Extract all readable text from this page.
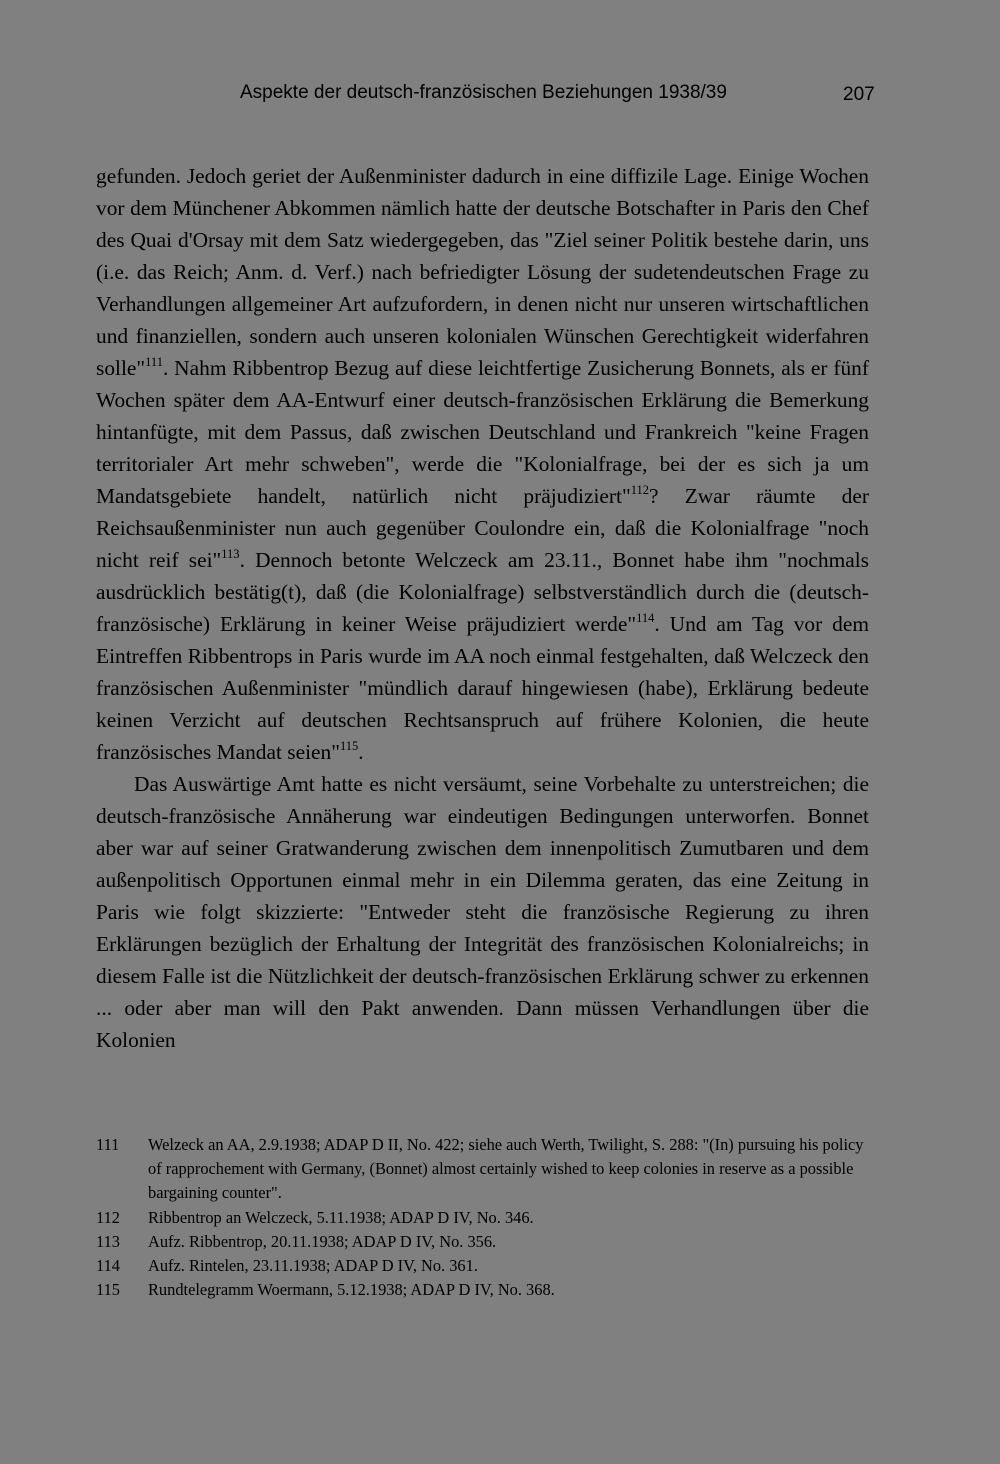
Aspekte der deutsch-französischen Beziehungen 1938/39	207

gefunden. Jedoch geriet der Außenminister dadurch in eine diffizile Lage. Einige Wochen vor dem Münchener Abkommen nämlich hatte der deutsche Botschafter in Paris den Chef des Quai d'Orsay mit dem Satz wiedergegeben, das "Ziel seiner Politik bestehe darin, uns (i.e. das Reich; Anm. d. Verf.) nach befriedigter Lösung der sudetendeutschen Frage zu Verhandlungen allgemeiner Art aufzufordern, in denen nicht nur unseren wirtschaftlichen und finanziellen, sondern auch unseren kolonialen Wünschen Gerechtigkeit widerfahren solle"$^{111}$. Nahm Ribbentrop Bezug auf diese leichtfertige Zusicherung Bonnets, als er fünf Wochen später dem AA-Entwurf einer deutsch-französischen Erklärung die Bemerkung hintanfügte, mit dem Passus, daß zwischen Deutschland und Frankreich "keine Fragen territorialer Art mehr schweben", werde die "Kolonialfrage, bei der es sich ja um Mandatsgebiete handelt, natürlich nicht präjudiziert"$^{112}$? Zwar räumte der Reichsaußenminister nun auch gegenüber Coulondre ein, daß die Kolonialfrage "noch nicht reif sei"$^{113}$. Dennoch betonte Welczeck am 23.11., Bonnet habe ihm "nochmals ausdrücklich bestätig(t), daß (die Kolonialfrage) selbstverständlich durch die (deutsch-französische) Erklärung in keiner Weise präjudiziert werde"$^{114}$. Und am Tag vor dem Eintreffen Ribbentrops in Paris wurde im AA noch einmal festgehalten, daß Welczeck den französischen Außenminister "mündlich darauf hingewiesen (habe), Erklärung bedeute keinen Verzicht auf deutschen Rechtsanspruch auf frühere Kolonien, die heute französisches Mandat seien"$^{115}$.

Das Auswärtige Amt hatte es nicht versäumt, seine Vorbehalte zu unterstreichen; die deutsch-französische Annäherung war eindeutigen Bedingungen unterworfen. Bonnet aber war auf seiner Gratwanderung zwischen dem innenpolitisch Zumutbaren und dem außenpolitisch Opportunen einmal mehr in ein Dilemma geraten, das eine Zeitung in Paris wie folgt skizzierte: "Entweder steht die französische Regierung zu ihren Erklärungen bezüglich der Erhaltung der Integrität des französischen Kolonialreichs; in diesem Falle ist die Nützlichkeit der deutsch-französischen Erklärung schwer zu erkennen ... oder aber man will den Pakt anwenden. Dann müssen Verhandlungen über die Kolonien

111	Welzeck an AA, 2.9.1938; ADAP D II, No. 422; siehe auch Werth, Twilight, S. 288: "(In) pursuing his policy of rapprochement with Germany, (Bonnet) almost certainly wished to keep colonies in reserve as a possible bargaining counter".
112	Ribbentrop an Welczeck, 5.11.1938; ADAP D IV, No. 346.
113	Aufz. Ribbentrop, 20.11.1938; ADAP D IV, No. 356.
114	Aufz. Rintelen, 23.11.1938; ADAP D IV, No. 361.
115	Rundtelegramm Woermann, 5.12.1938; ADAP D IV, No. 368.
